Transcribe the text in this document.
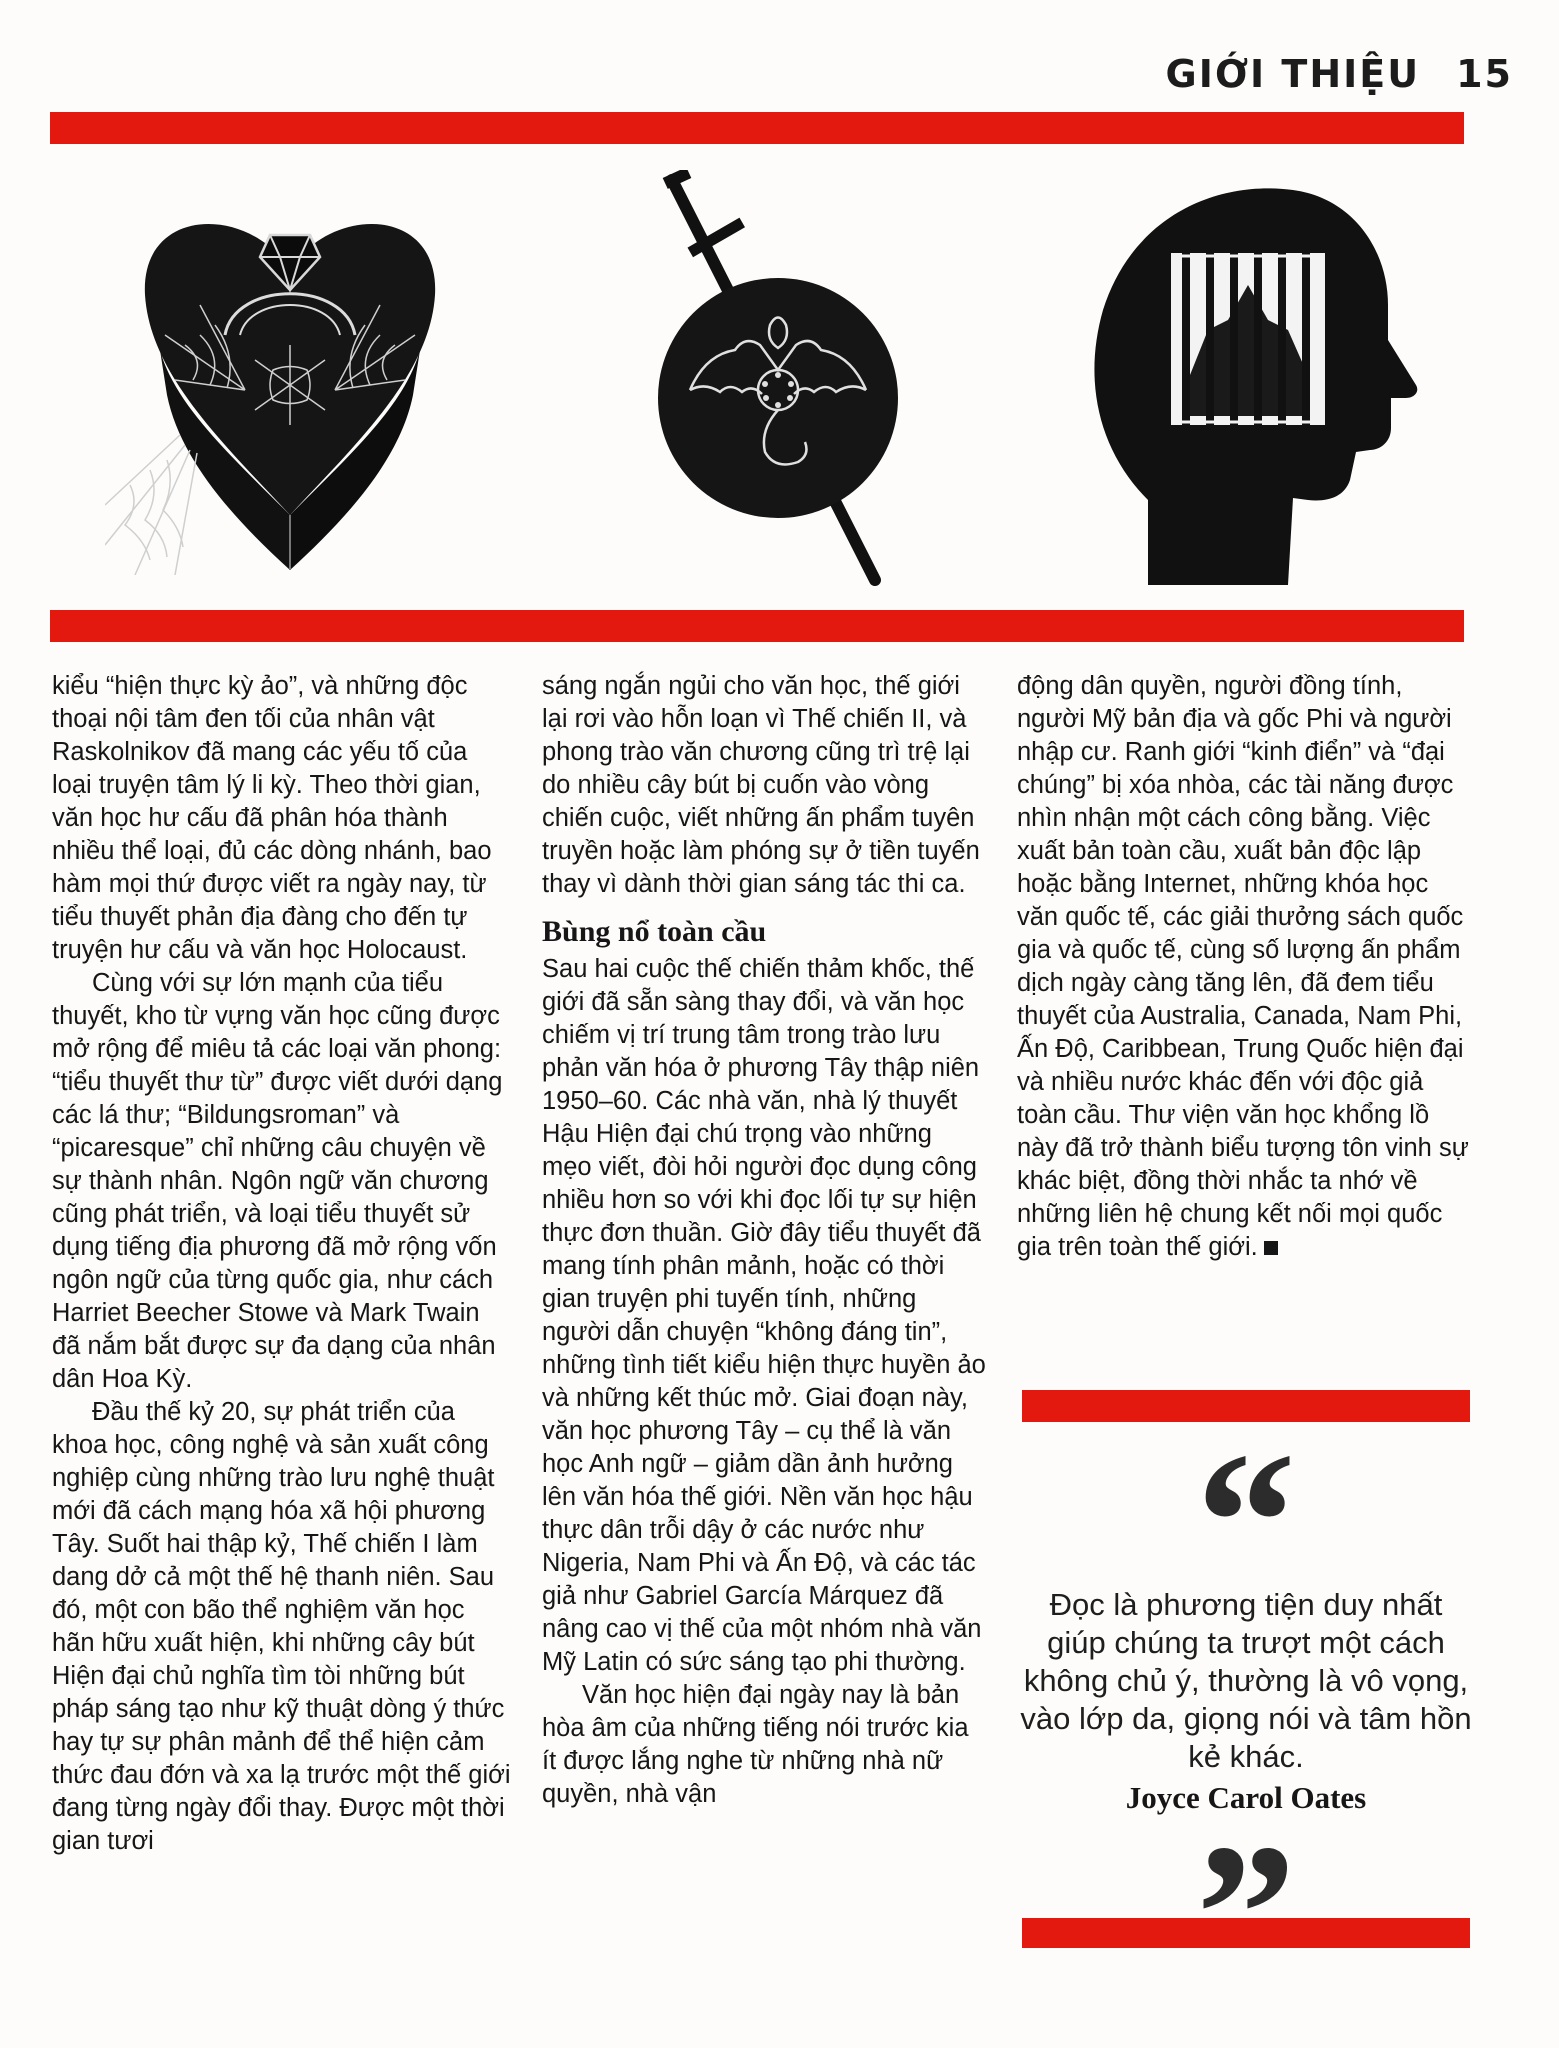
GIỚI THIỆU 15

kiểu “hiện thực kỳ ảo”, và những độc thoại nội tâm đen tối của nhân vật Raskolnikov đã mang các yếu tố của loại truyện tâm lý li kỳ. Theo thời gian, văn học hư cấu đã phân hóa thành nhiều thể loại, đủ các dòng nhánh, bao hàm mọi thứ được viết ra ngày nay, từ tiểu thuyết phản địa đàng cho đến tự truyện hư cấu và văn học Holocaust.

Cùng với sự lớn mạnh của tiểu thuyết, kho từ vựng văn học cũng được mở rộng để miêu tả các loại văn phong: “tiểu thuyết thư từ” được viết dưới dạng các lá thư; “Bildungsroman” và “picaresque” chỉ những câu chuyện về sự thành nhân. Ngôn ngữ văn chương cũng phát triển, và loại tiểu thuyết sử dụng tiếng địa phương đã mở rộng vốn ngôn ngữ của từng quốc gia, như cách Harriet Beecher Stowe và Mark Twain đã nắm bắt được sự đa dạng của nhân dân Hoa Kỳ.

Đầu thế kỷ 20, sự phát triển của khoa học, công nghệ và sản xuất công nghiệp cùng những trào lưu nghệ thuật mới đã cách mạng hóa xã hội phương Tây. Suốt hai thập kỷ, Thế chiến I làm dang dở cả một thế hệ thanh niên. Sau đó, một con bão thể nghiệm văn học hãn hữu xuất hiện, khi những cây bút Hiện đại chủ nghĩa tìm tòi những bút pháp sáng tạo như kỹ thuật dòng ý thức hay tự sự phân mảnh để thể hiện cảm thức đau đớn và xa lạ trước một thế giới đang từng ngày đổi thay. Được một thời gian tươi

sáng ngắn ngủi cho văn học, thế giới lại rơi vào hỗn loạn vì Thế chiến II, và phong trào văn chương cũng trì trệ lại do nhiều cây bút bị cuốn vào vòng chiến cuộc, viết những ấn phẩm tuyên truyền hoặc làm phóng sự ở tiền tuyến thay vì dành thời gian sáng tác thi ca.

Bùng nổ toàn cầu

Sau hai cuộc thế chiến thảm khốc, thế giới đã sẵn sàng thay đổi, và văn học chiếm vị trí trung tâm trong trào lưu phản văn hóa ở phương Tây thập niên 1950–60. Các nhà văn, nhà lý thuyết Hậu Hiện đại chú trọng vào những mẹo viết, đòi hỏi người đọc dụng công nhiều hơn so với khi đọc lối tự sự hiện thực đơn thuần. Giờ đây tiểu thuyết đã mang tính phân mảnh, hoặc có thời gian truyện phi tuyến tính, những người dẫn chuyện “không đáng tin”, những tình tiết kiểu hiện thực huyền ảo và những kết thúc mở. Giai đoạn này, văn học phương Tây – cụ thể là văn học Anh ngữ – giảm dần ảnh hưởng lên văn hóa thế giới. Nền văn học hậu thực dân trỗi dậy ở các nước như Nigeria, Nam Phi và Ấn Độ, và các tác giả như Gabriel García Márquez đã nâng cao vị thế của một nhóm nhà văn Mỹ Latin có sức sáng tạo phi thường.

Văn học hiện đại ngày nay là bản hòa âm của những tiếng nói trước kia ít được lắng nghe từ những nhà nữ quyền, nhà vận

động dân quyền, người đồng tính, người Mỹ bản địa và gốc Phi và người nhập cư. Ranh giới “kinh điển” và “đại chúng” bị xóa nhòa, các tài năng được nhìn nhận một cách công bằng. Việc xuất bản toàn cầu, xuất bản độc lập hoặc bằng Internet, những khóa học văn quốc tế, các giải thưởng sách quốc gia và quốc tế, cùng số lượng ấn phẩm dịch ngày càng tăng lên, đã đem tiểu thuyết của Australia, Canada, Nam Phi, Ấn Độ, Caribbean, Trung Quốc hiện đại và nhiều nước khác đến với độc giả toàn cầu. Thư viện văn học khổng lồ này đã trở thành biểu tượng tôn vinh sự khác biệt, đồng thời nhắc ta nhớ về những liên hệ chung kết nối mọi quốc gia trên toàn thế giới.

“

Đọc là phương tiện duy nhất giúp chúng ta trượt một cách không chủ ý, thường là vô vọng, vào lớp da, giọng nói và tâm hồn kẻ khác.

Joyce Carol Oates
”
